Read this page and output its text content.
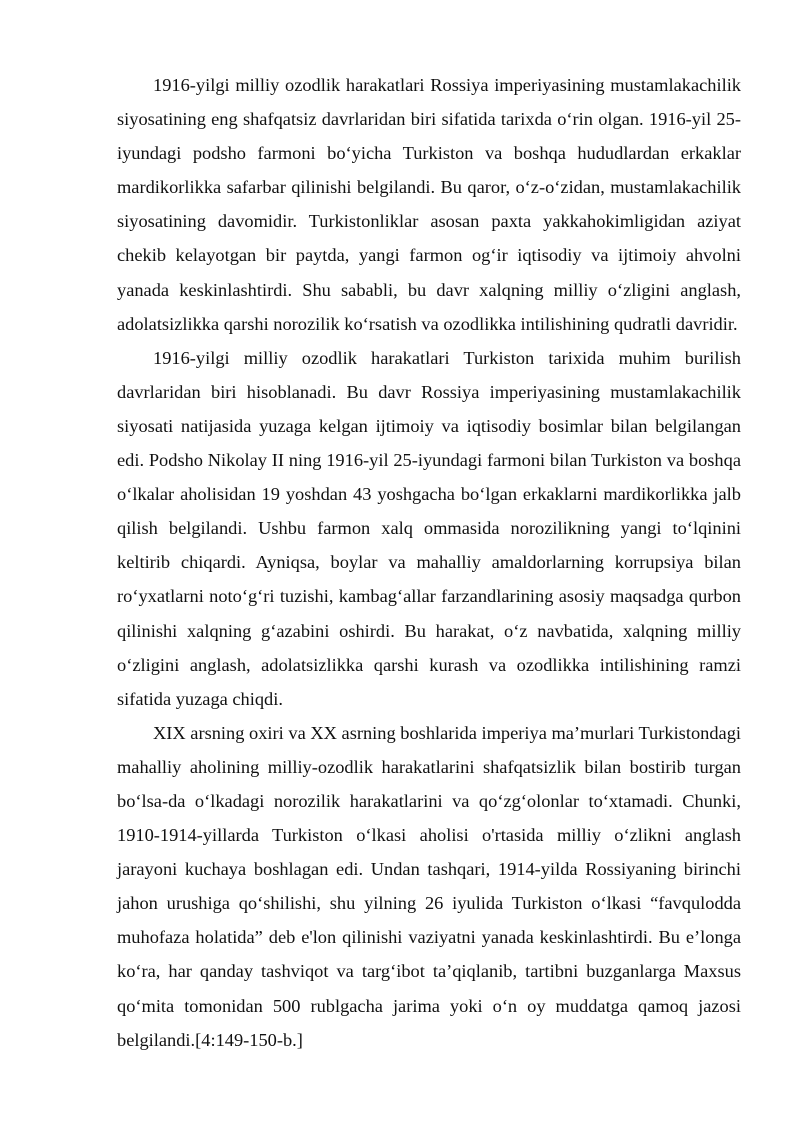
1916-yilgi milliy ozodlik harakatlari Rossiya imperiyasining mustamlakachilik siyosatining eng shafqatsiz davrlaridan biri sifatida tarixda o‘rin olgan. 1916-yil 25-iyundagi podsho farmoni bo‘yicha Turkiston va boshqa hududlardan erkaklar mardikorlikka safarbar qilinishi belgilandi. Bu qaror, o‘z-o‘zidan, mustamlakachilik siyosatining davomidir. Turkistonliklar asosan paxta yakkahokimligidan aziyat chekib kelayotgan bir paytda, yangi farmon og‘ir iqtisodiy va ijtimoiy ahvolni yanada keskinlashtirdi. Shu sababli, bu davr xalqning milliy o‘zligini anglash, adolatsizlikka qarshi norozilik ko‘rsatish va ozodlikka intilishining qudratli davridir.

1916-yilgi milliy ozodlik harakatlari Turkiston tarixida muhim burilish davrlaridan biri hisoblanadi. Bu davr Rossiya imperiyasining mustamlakachilik siyosati natijasida yuzaga kelgan ijtimoiy va iqtisodiy bosimlar bilan belgilangan edi. Podsho Nikolay II ning 1916-yil 25-iyundagi farmoni bilan Turkiston va boshqa o‘lkalar aholisidan 19 yoshdan 43 yoshgacha bo‘lgan erkaklarni mardikorlikka jalb qilish belgilandi. Ushbu farmon xalq ommasida norozilikning yangi to‘lqinini keltirib chiqardi. Ayniqsa, boylar va mahalliy amaldorlarning korrupsiya bilan ro‘yxatlarni noto‘g‘ri tuzishi, kambag‘allar farzandlarining asosiy maqsadga qurbon qilinishi xalqning g‘azabini oshirdi. Bu harakat, o‘z navbatida, xalqning milliy o‘zligini anglash, adolatsizlikka qarshi kurash va ozodlikka intilishining ramzi sifatida yuzaga chiqdi.

XIX arsning oxiri va XX asrning boshlarida imperiya ma’murlari Turkistondagi mahalliy aholining milliy-ozodlik harakatlarini shafqatsizlik bilan bostirib turgan bo‘lsa-da o‘lkadagi norozilik harakatlarini va qo‘zg‘olonlar to‘xtamadi. Chunki, 1910-1914-yillarda Turkiston o‘lkasi aholisi o'rtasida milliy o‘zlikni anglash jarayoni kuchaya boshlagan edi. Undan tashqari, 1914-yilda Rossiyaning birinchi jahon urushiga qo‘shilishi, shu yilning 26 iyulida Turkiston o‘lkasi “favqulodda muhofaza holatida” deb e'lon qilinishi vaziyatni yanada keskinlashtirdi. Bu e’longa ko‘ra, har qanday tashviqot va targ‘ibot ta’qiqlanib, tartibni buzganlarga Maxsus qo‘mita tomonidan 500 rublgacha jarima yoki o‘n oy muddatga qamoq jazosi belgilandi.[4:149-150-b.]
